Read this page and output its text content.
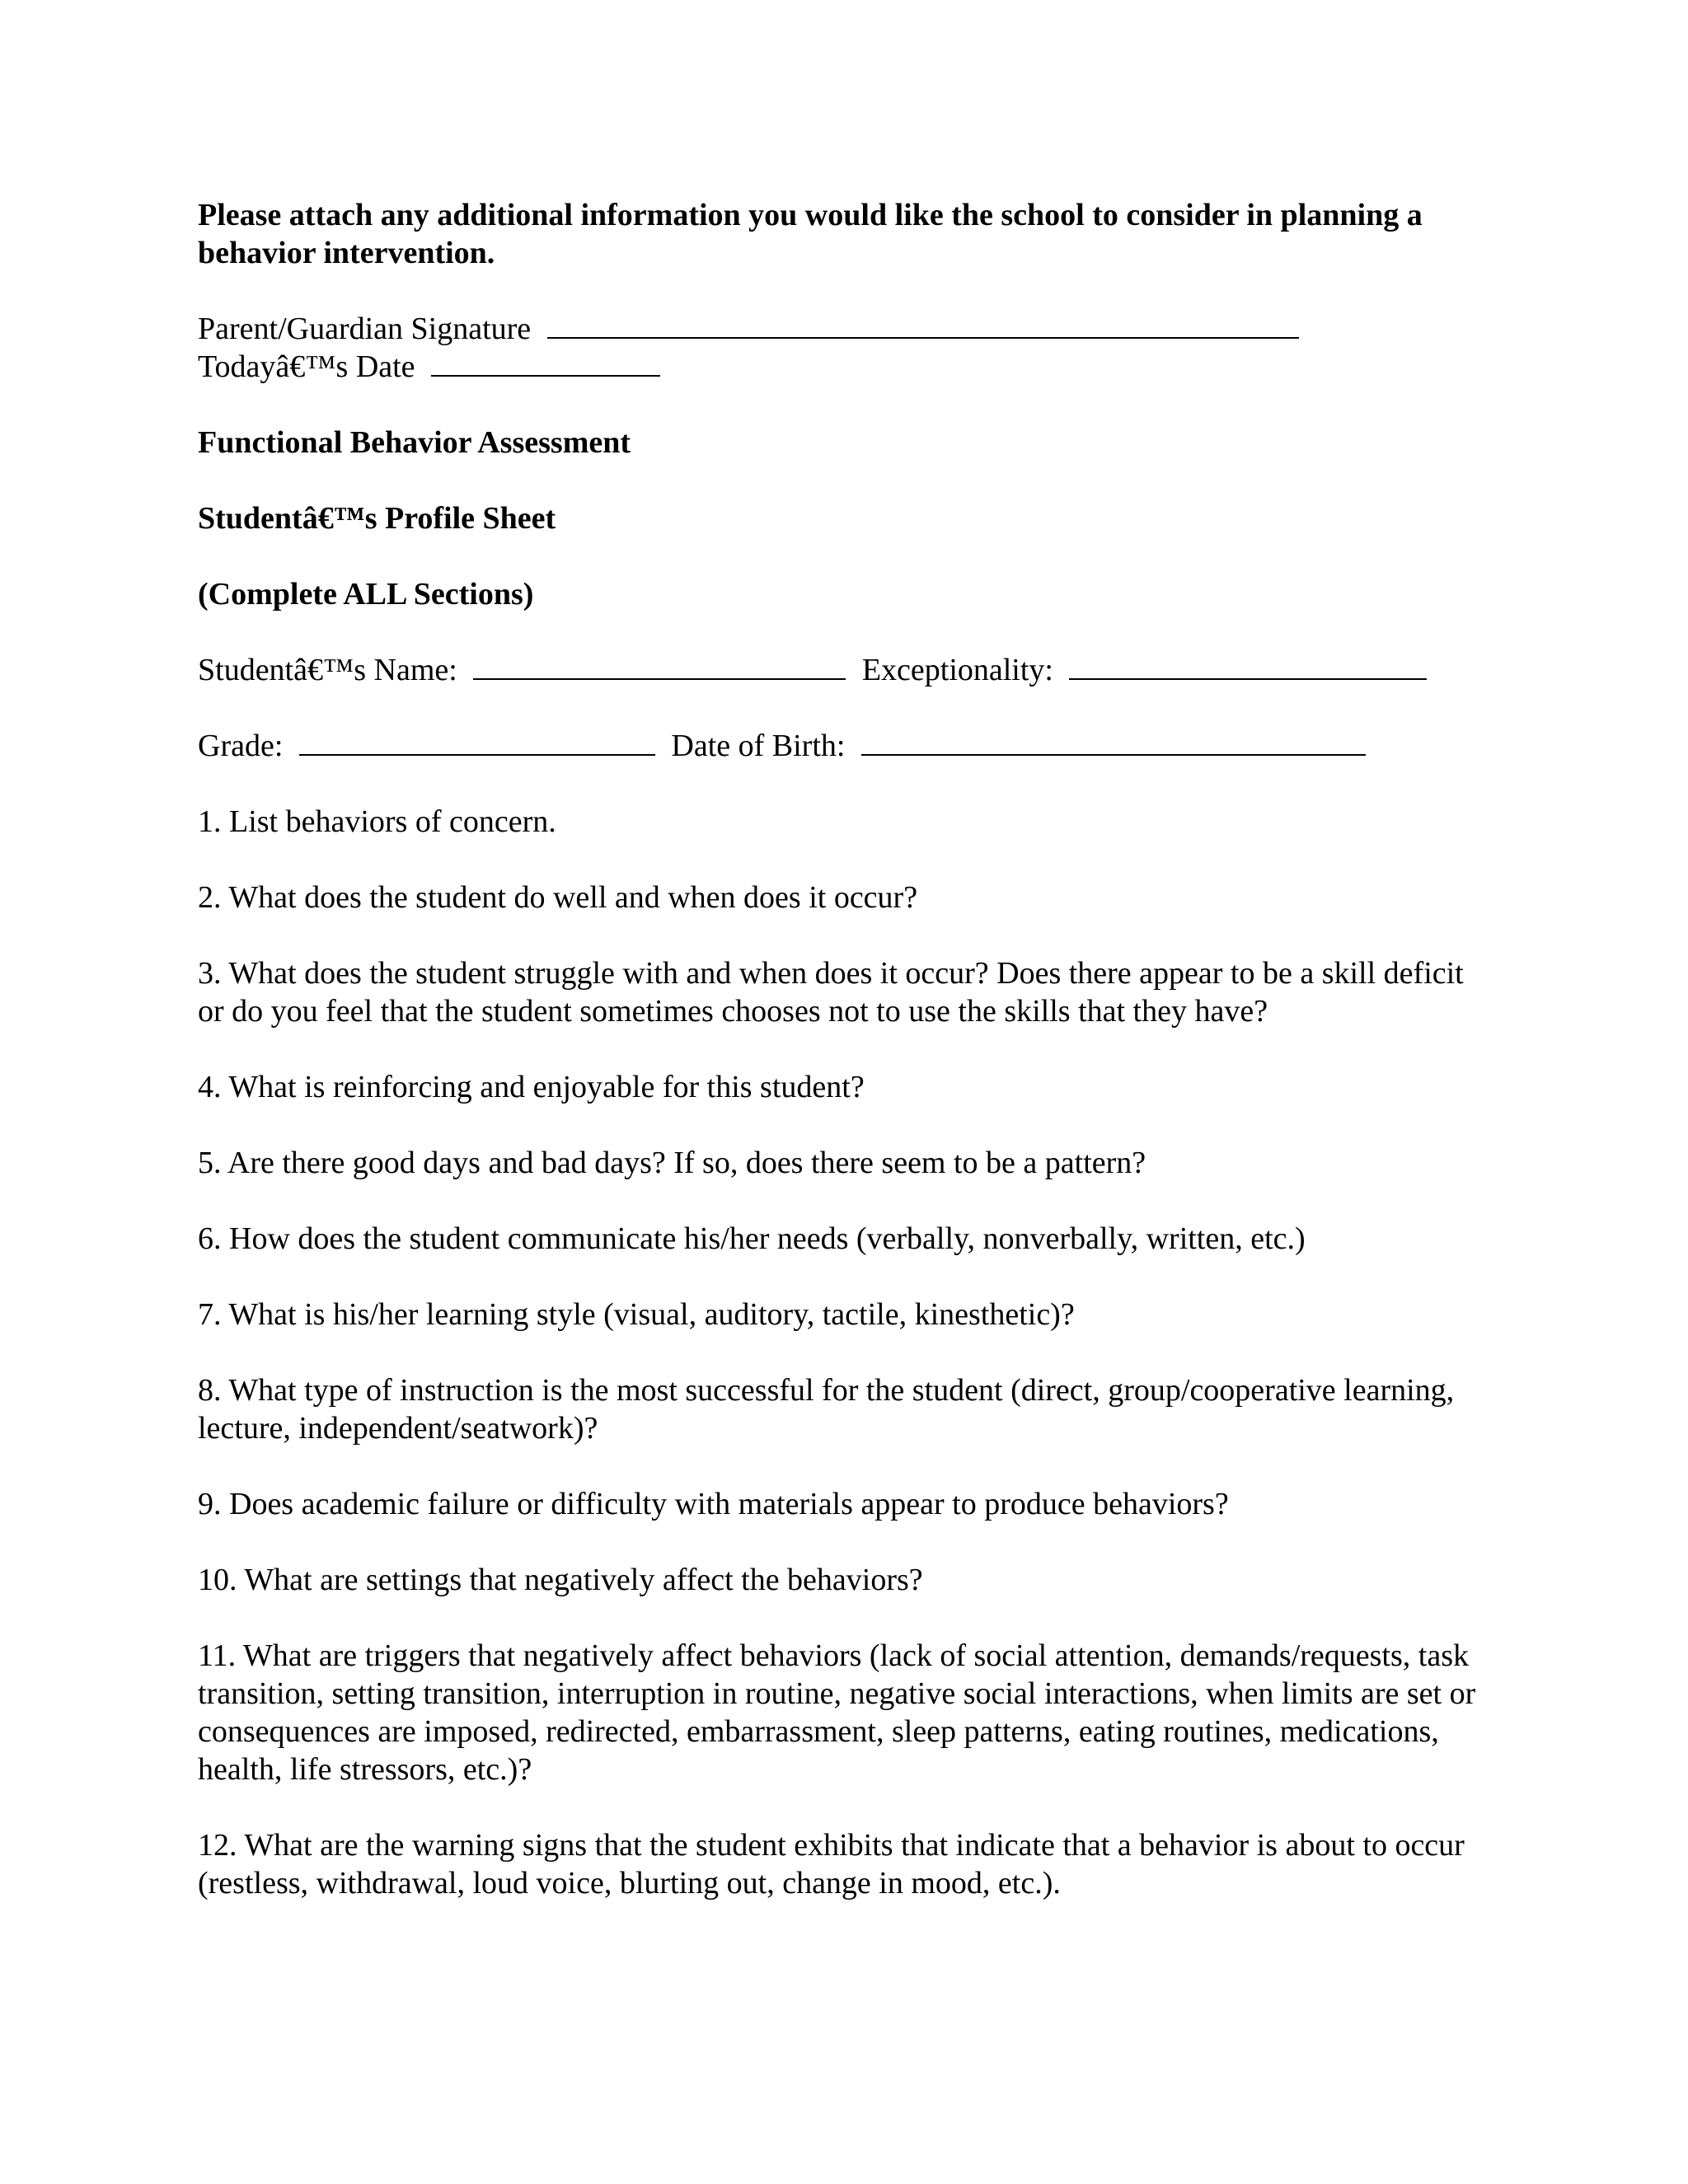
Please attach any additional information you would like the school to consider in planning a behavior intervention.

Parent/Guardian Signature
Todayâ€™s Date

Functional Behavior Assessment

Studentâ€™s Profile Sheet

(Complete ALL Sections)

Studentâ€™s Name:	Exceptionality:
Grade:	Date of Birth:

1. List behaviors of concern.

2. What does the student do well and when does it occur?

3. What does the student struggle with and when does it occur? Does there appear to be a skill deficit or do you feel that the student sometimes chooses not to use the skills that they have?

4. What is reinforcing and enjoyable for this student?

5. Are there good days and bad days? If so, does there seem to be a pattern?

6. How does the student communicate his/her needs (verbally, nonverbally, written, etc.)

7. What is his/her learning style (visual, auditory, tactile, kinesthetic)?

8. What type of instruction is the most successful for the student (direct, group/cooperative learning, lecture, independent/seatwork)?

9. Does academic failure or difficulty with materials appear to produce behaviors?

10. What are settings that negatively affect the behaviors?

11. What are triggers that negatively affect behaviors (lack of social attention, demands/requests, task transition, setting transition, interruption in routine, negative social interactions, when limits are set or consequences are imposed, redirected, embarrassment, sleep patterns, eating routines, medications, health, life stressors, etc.)?

12. What are the warning signs that the student exhibits that indicate that a behavior is about to occur (restless, withdrawal, loud voice, blurting out, change in mood, etc.).
